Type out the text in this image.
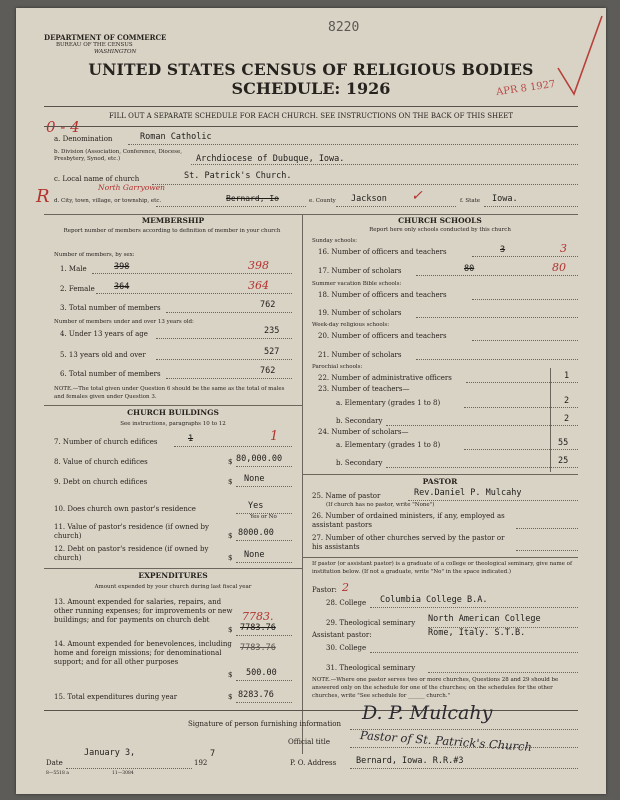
DEPARTMENT OF COMMERCE
BUREAU OF THE CENSUS
WASHINGTON
8220
UNITED STATES CENSUS OF RELIGIOUS BODIES
SCHEDULE: 1926	APR 8 1927
0 - 4
FILL OUT A SEPARATE SCHEDULE FOR EACH CHURCH. SEE INSTRUCTIONS ON THE BACK OF THIS SHEET
a. Denomination	Roman Catholic
b. Division (Association, Conference, Diocese, Presbytery, Synod, etc.)	Archdiocese of Dubuque, Iowa.
c. Local name of church	St. Patrick's Church.
North Garryowen
R d. City, town, village, or township, etc.	Bernard, Io	e. County Jackson ✓	f. State Iowa.
MEMBERSHIP
Report number of members according to definition of member in your church
Number of members, by sex:
1. Male	398	398
2. Female 364	364
3. Total number of members	762
Number of members under and over 13 years old:
4. Under 13 years of age	235
5. 13 years old and over	527
6. Total number of members	762
NOTE.—The total given under Question 6 should be the same as the total of males and females given under Question 3.
CHURCH BUILDINGS
See instructions, paragraphs 10 to 12
7. Number of church edifices	1	1
8. Value of church edifices	$ 80,000.00
9. Debt on church edifices	$ None
10. Does church own pastor's residence	Yes
Yes or No
11. Value of pastor's residence (if owned by church)	$ 8000.00
12. Debt on pastor's residence (if owned by church)	$ None
EXPENDITURES
Amount expended by your church during last fiscal year
13. Amount expended for salaries, repairs, and other running expenses; for improvements or new buildings; and for payments on church debt	7783.
$ 7783.76
14. Amount expended for benevolences, including home and foreign missions; for denominational support; and for all other purposes
7783.76
$ 500.00
15. Total expenditures during year	$ 8283.76
CHURCH SCHOOLS
Report here only schools conducted by this church
Sunday schools:
16. Number of officers and teachers	3	3
17. Number of scholars	80	80
Summer vacation Bible schools:
18. Number of officers and teachers
19. Number of scholars
Week-day religious schools:
20. Number of officers and teachers
21. Number of scholars
Parochial schools:
22. Number of administrative officers	1
23. Number of teachers—
a. Elementary (grades 1 to 8)	2
b. Secondary	2
24. Number of scholars—
a. Elementary (grades 1 to 8)	55
b. Secondary	25
PASTOR
25. Name of pastor	Rev.Daniel P. Mulcahy
(If church has no pastor, write "None")
26. Number of ordained ministers, if any, employed as assistant pastors
27. Number of other churches served by the pastor or his assistants
If pastor (or assistant pastor) is a graduate of a college or theological seminary, give name of institution below. (If not a graduate, write "No" in the space indicated.)
Pastor: 2
28. College Columbia College B.A.
29. Theological seminary North American College
Assistant pastor:	Rome, Italy. S.T.B.
30. College
31. Theological seminary
NOTE.—Where one pastor serves two or more churches, Questions 28 and 29 should be answered only on the schedule for one of the churches; on the schedules for the other churches, write "See schedule for ______ church."
Signature of person furnishing information D. P. Mulcahy
Official title	Pastor of St. Patrick's Church
Date
January 3,
192
7
P. O. Address Bernard, Iowa. R.R.#3
8—5518 a	11—3084
